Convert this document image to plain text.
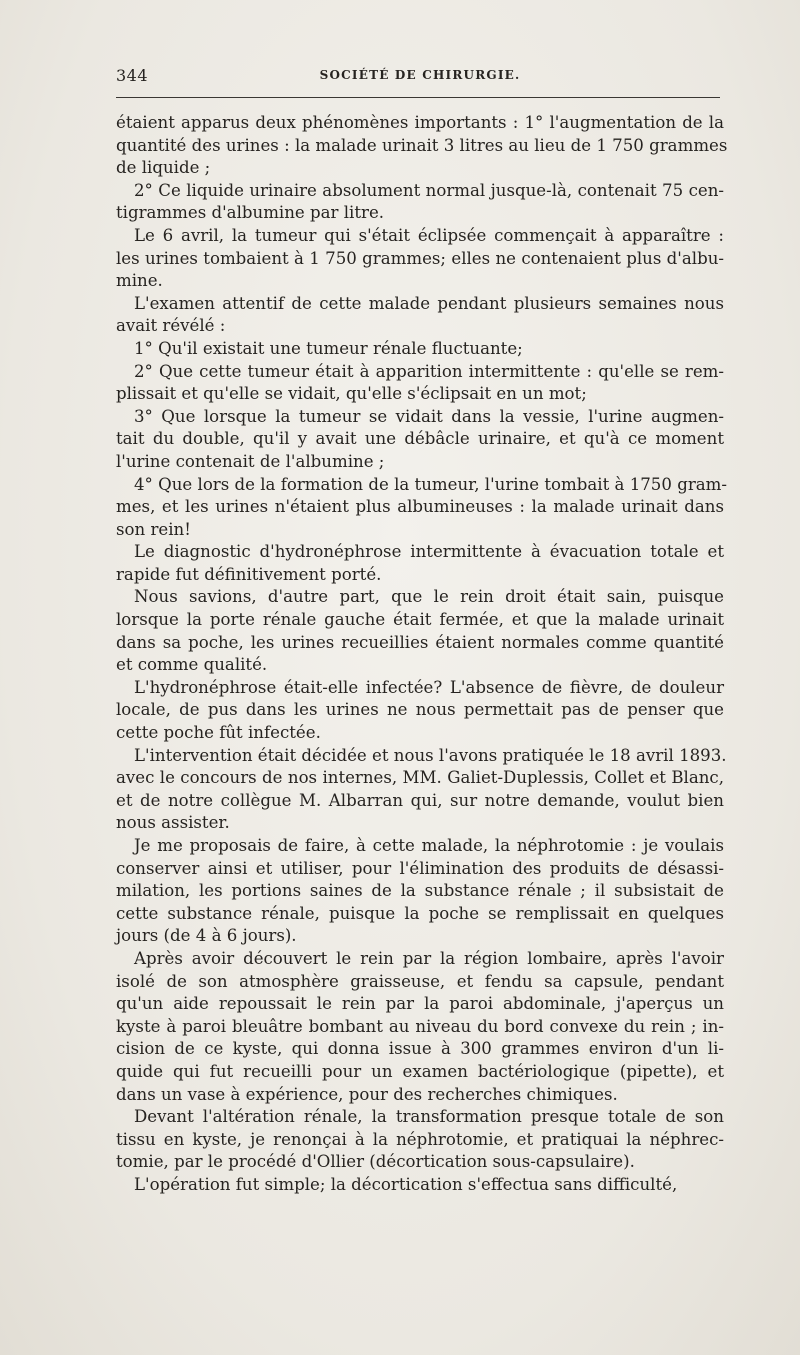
344	SOCIÉTÉ DE CHIRURGIE.

étaient apparus deux phénomènes importants : 1° l'augmentation de la
quantité des urines : la malade urinait 3 litres au lieu de 1 750 grammes
de liquide ;

2° Ce liquide urinaire absolument normal jusque-là, contenait 75 cen-
tigrammes d'albumine par litre.

Le 6 avril, la tumeur qui s'était éclipsée commençait à apparaître :
les urines tombaient à 1 750 grammes; elles ne contenaient plus d'albu-
mine.

L'examen attentif de cette malade pendant plusieurs semaines nous
avait révélé :

1° Qu'il existait une tumeur rénale fluctuante;

2° Que cette tumeur était à apparition intermittente : qu'elle se rem-
plissait et qu'elle se vidait, qu'elle s'éclipsait en un mot;

3° Que lorsque la tumeur se vidait dans la vessie, l'urine augmen-
tait du double, qu'il y avait une débâcle urinaire, et qu'à ce moment
l'urine contenait de l'albumine ;

4° Que lors de la formation de la tumeur, l'urine tombait à 1750 gram-
mes, et les urines n'étaient plus albumineuses : la malade urinait dans
son rein!

Le diagnostic d'hydronéphrose intermittente à évacuation totale et
rapide fut définitivement porté.

Nous savions, d'autre part, que le rein droit était sain, puisque
lorsque la porte rénale gauche était fermée, et que la malade urinait
dans sa poche, les urines recueillies étaient normales comme quantité
et comme qualité.

L'hydronéphrose était-elle infectée? L'absence de fièvre, de douleur
locale, de pus dans les urines ne nous permettait pas de penser que
cette poche fût infectée.

L'intervention était décidée et nous l'avons pratiquée le 18 avril 1893.
avec le concours de nos internes, MM. Galiet-Duplessis, Collet et Blanc,
et de notre collègue M. Albarran qui, sur notre demande, voulut bien
nous assister.

Je me proposais de faire, à cette malade, la néphrotomie : je voulais
conserver ainsi et utiliser, pour l'élimination des produits de désassi-
milation, les portions saines de la substance rénale ; il subsistait de
cette substance rénale, puisque la poche se remplissait en quelques
jours (de 4 à 6 jours).

Après avoir découvert le rein par la région lombaire, après l'avoir
isolé de son atmosphère graisseuse, et fendu sa capsule, pendant
qu'un aide repoussait le rein par la paroi abdominale, j'aperçus un
kyste à paroi bleuâtre bombant au niveau du bord convexe du rein ; in-
cision de ce kyste, qui donna issue à 300 grammes environ d'un li-
quide qui fut recueilli pour un examen bactériologique (pipette), et
dans un vase à expérience, pour des recherches chimiques.

Devant l'altération rénale, la transformation presque totale de son
tissu en kyste, je renonçai à la néphrotomie, et pratiquai la néphrec-
tomie, par le procédé d'Ollier (décortication sous-capsulaire).

L'opération fut simple; la décortication s'effectua sans difficulté,
